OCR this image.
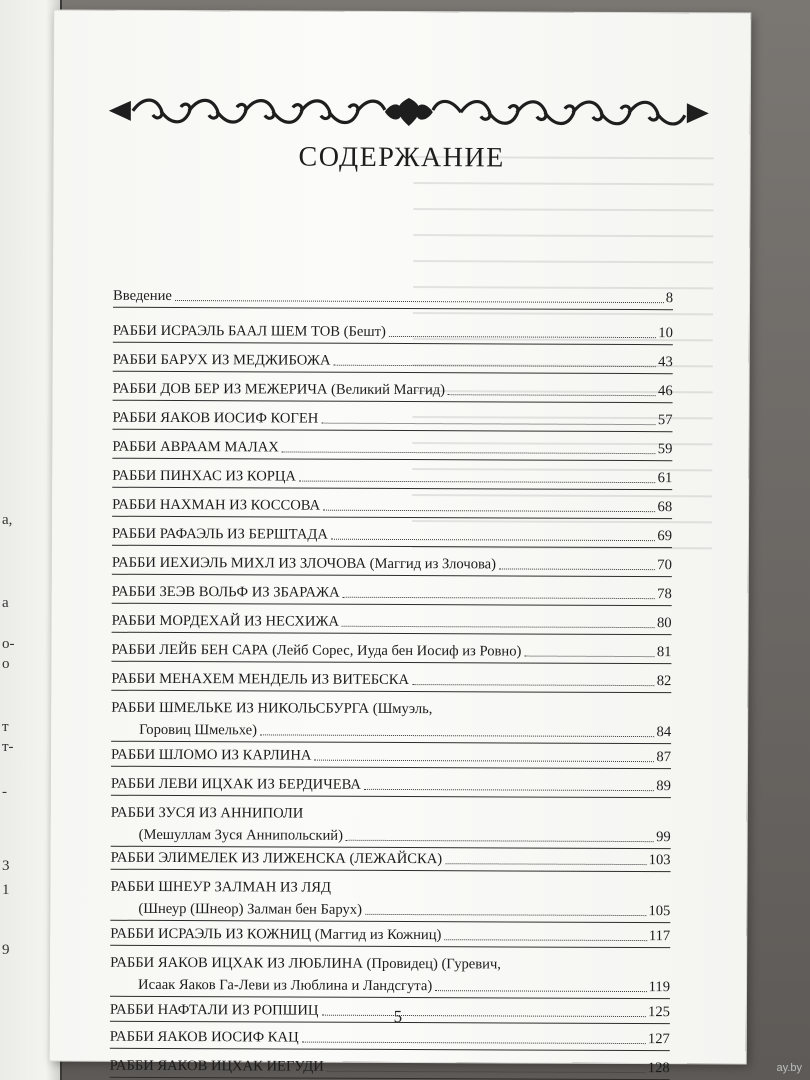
а,
а
о-
о
т
т-
-
3
1
9
СОДЕРЖАНИЕ
Введение	8
РАББИ ИСРАЭЛЬ БААЛ ШЕМ ТОВ (Бешт)	10
РАББИ БАРУХ ИЗ МЕДЖИБОЖА	43
РАББИ ДОВ БЕР ИЗ МЕЖЕРИЧА (Великий Маггид)	46
РАББИ ЯАКОВ ИОСИФ КОГЕН	57
РАББИ АВРААМ МАЛАХ	59
РАББИ ПИНХАС ИЗ КОРЦА	61
РАББИ НАХМАН ИЗ КОССОВА	68
РАББИ РАФАЭЛЬ ИЗ БЕРШТАДА	69
РАББИ ИЕХИЭЛЬ МИХЛ ИЗ ЗЛОЧОВА (Маггид из Злочова)	70
РАББИ ЗЕЭВ ВОЛЬФ ИЗ ЗБАРАЖА	78
РАББИ МОРДЕХАЙ ИЗ НЕСХИЖА	80
РАББИ ЛЕЙБ БЕН САРА (Лейб Сорес, Иуда бен Иосиф из Ровно)	81
РАББИ МЕНАХЕМ МЕНДЕЛЬ ИЗ ВИТЕБСКА	82
РАББИ ШМЕЛЬКЕ ИЗ НИКОЛЬСБУРГА (Шмуэль,
Горовиц Шмельхе)	84
РАББИ ШЛОМО ИЗ КАРЛИНА	87
РАББИ ЛЕВИ ИЦХАК ИЗ БЕРДИЧЕВА	89
РАББИ ЗУСЯ ИЗ АННИПОЛИ
(Мешуллам Зуся Аннипольский)	99
РАББИ ЭЛИМЕЛЕК ИЗ ЛИЖЕНСКА (ЛЕЖАЙСКА)	103
РАББИ ШНЕУР ЗАЛМАН ИЗ ЛЯД
(Шнеур (Шнеор) Залман бен Барух)	105
РАББИ ИСРАЭЛЬ ИЗ КОЖНИЦ (Маггид из Кожниц)	117
РАББИ ЯАКОВ ИЦХАК ИЗ ЛЮБЛИНА (Провидец) (Гуревич,
Исаак Яаков Га-Леви из Люблина и Ландсгута)	119
РАББИ НАФТАЛИ ИЗ РОПШИЦ	125
РАББИ ЯАКОВ ИОСИФ КАЦ	127
РАББИ ЯАКОВ ИЦХАК ИЕГУДИ	128
5
ay.by
